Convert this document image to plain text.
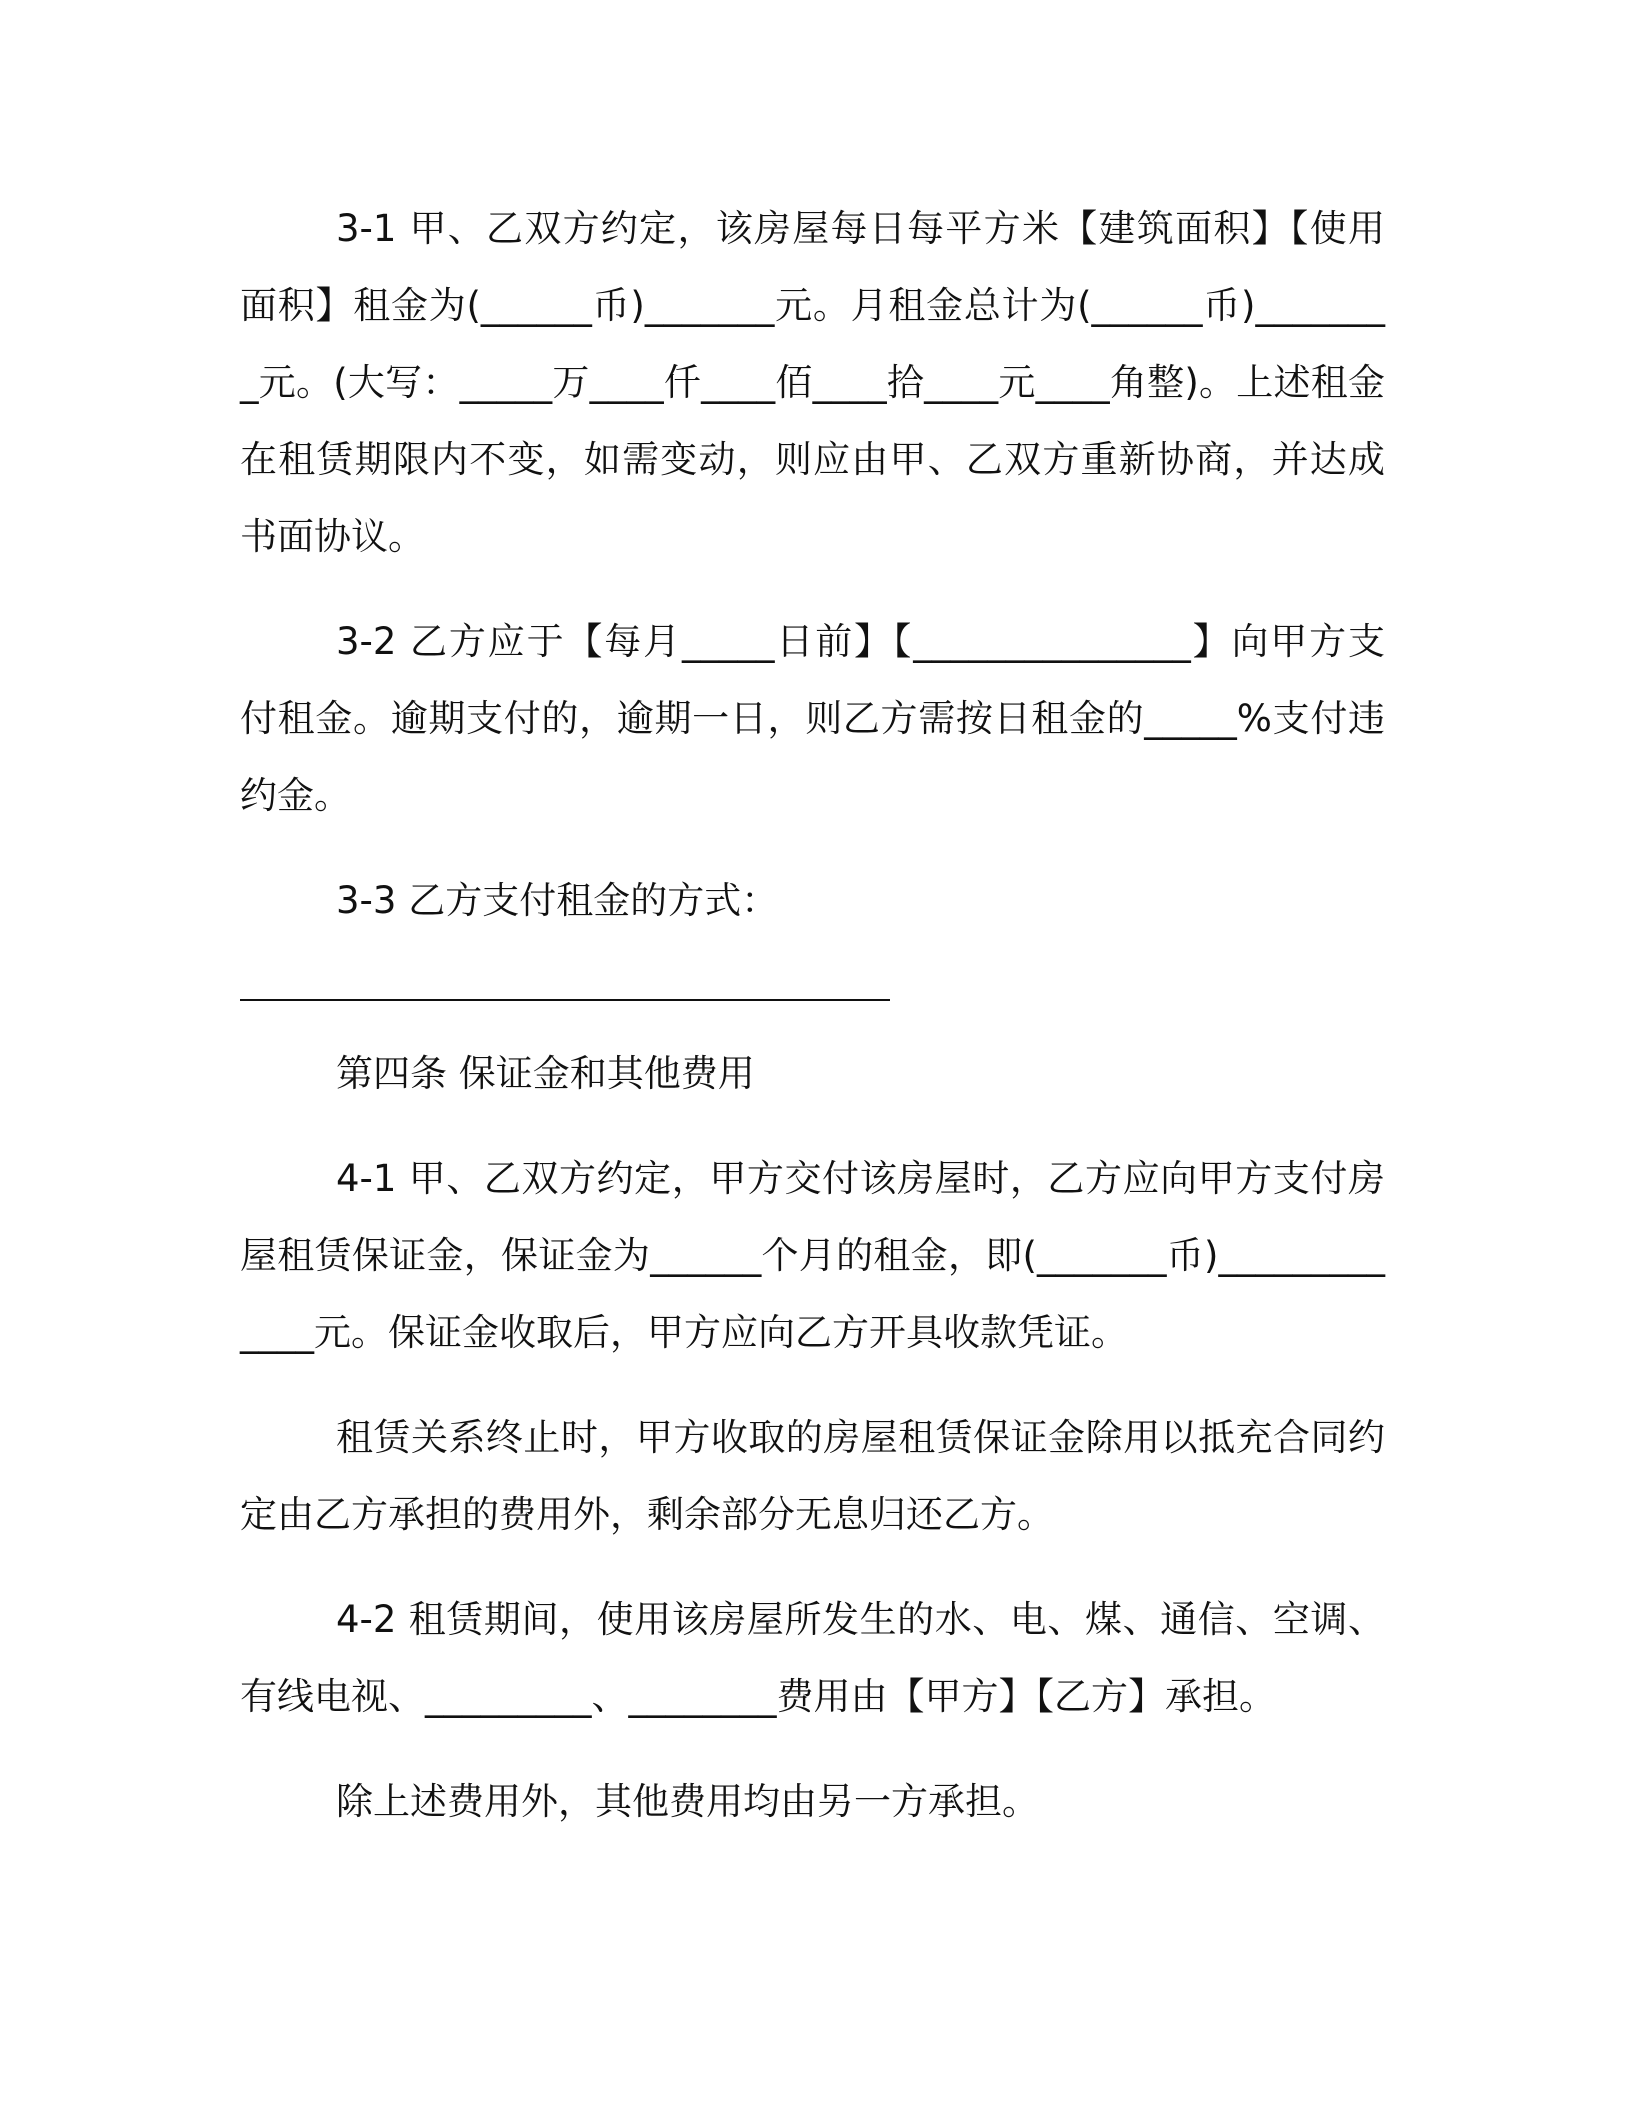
3-1 甲、乙双方约定，该房屋每日每平方米【建筑面积】【使用面积】租金为(______币)_______元。月租金总计为(______币)________元。(大写：_____万____仟____佰____拾____元____角整)。上述租金在租赁期限内不变，如需变动，则应由甲、乙双方重新协商，并达成书面协议。

3-2 乙方应于【每月_____日前】【_______________】向甲方支付租金。逾期支付的，逾期一日，则乙方需按日租金的_____%支付违约金。

3-3 乙方支付租金的方式：

第四条 保证金和其他费用

4-1 甲、乙双方约定，甲方交付该房屋时，乙方应向甲方支付房屋租赁保证金，保证金为______个月的租金，即(_______币)_____________元。保证金收取后，甲方应向乙方开具收款凭证。

租赁关系终止时，甲方收取的房屋租赁保证金除用以抵充合同约定由乙方承担的费用外，剩余部分无息归还乙方。

4-2 租赁期间，使用该房屋所发生的水、电、煤、通信、空调、有线电视、_________、________费用由【甲方】【乙方】承担。

除上述费用外，其他费用均由另一方承担。
